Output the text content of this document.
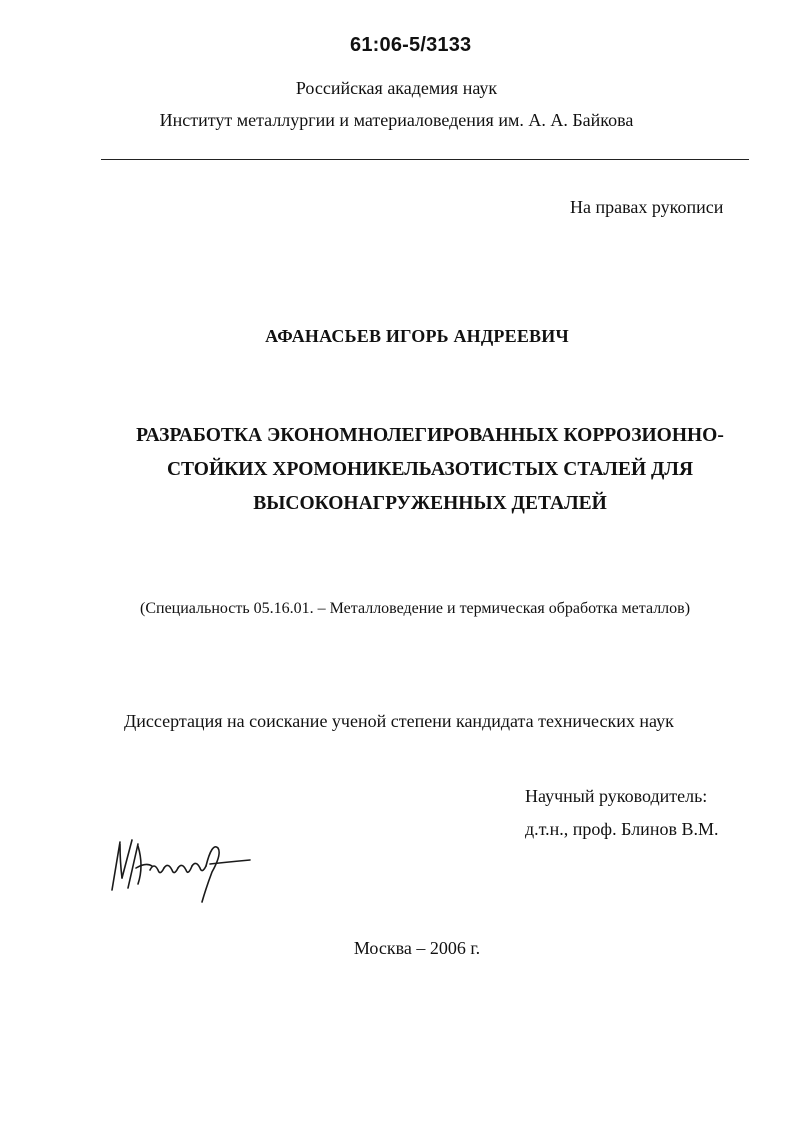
61:06-5/3133
Российская академия наук
Институт металлургии и материаловедения им. А. А. Байкова
На правах рукописи
АФАНАСЬЕВ ИГОРЬ АНДРЕЕВИЧ
РАЗРАБОТКА ЭКОНОМНОЛЕГИРОВАННЫХ КОРРОЗИОННО-
СТОЙКИХ ХРОМОНИКЕЛЬАЗОТИСТЫХ СТАЛЕЙ ДЛЯ
ВЫСОКОНАГРУЖЕННЫХ ДЕТАЛЕЙ
(Специальность 05.16.01. – Металловедение и термическая обработка металлов)
Диссертация на соискание ученой степени кандидата технических наук
Научный руководитель:
д.т.н., проф. Блинов В.М.
Москва – 2006 г.
